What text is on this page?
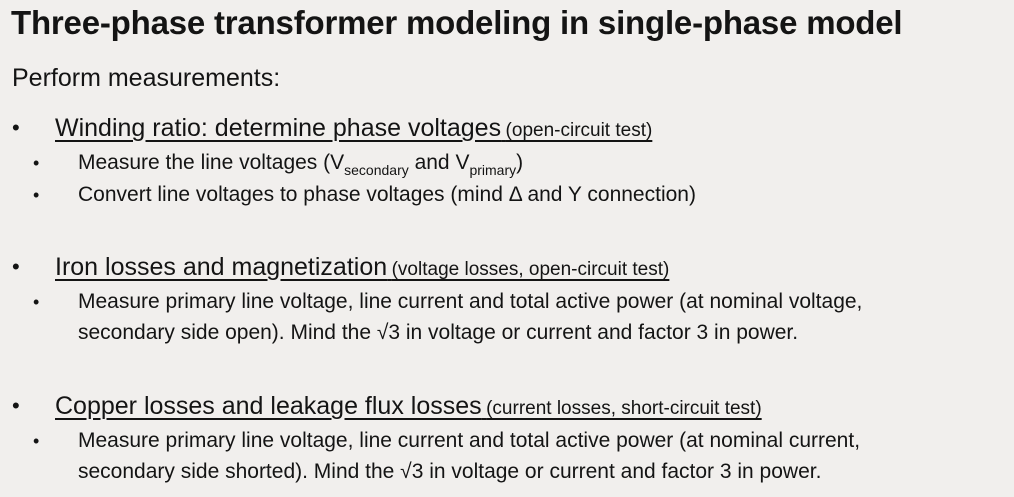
Three-phase transformer modeling in single-phase model
Perform measurements:
• Winding ratio: determine phase voltages (open-circuit test)
• Measure the line voltages ($V_{secondary}$ and $V_{primary}$)
• Convert line voltages to phase voltages (mind Δ and Y connection)
• Iron losses and magnetization (voltage losses, open-circuit test)
• Measure primary line voltage, line current and total active power (at nominal voltage,
secondary side open). Mind the √3 in voltage or current and factor 3 in power.
• Copper losses and leakage flux losses (current losses, short-circuit test)
• Measure primary line voltage, line current and total active power (at nominal current,
secondary side shorted). Mind the √3 in voltage or current and factor 3 in power.
